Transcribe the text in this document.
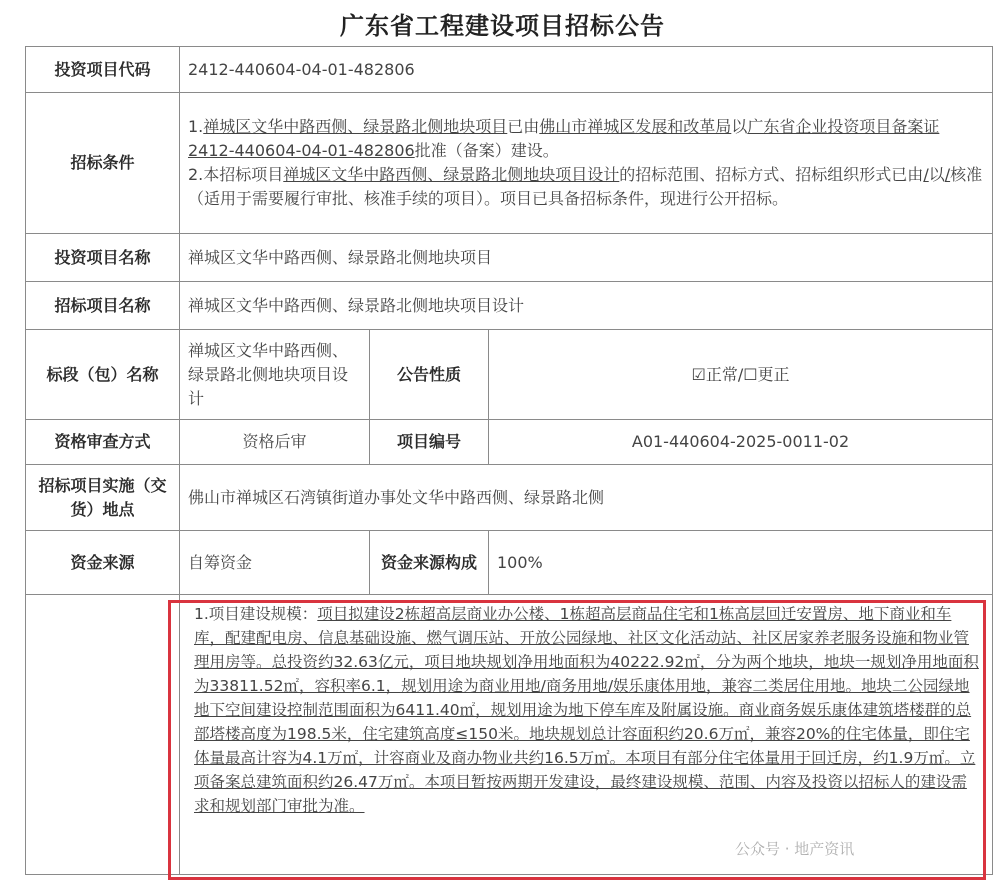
广东省工程建设项目招标公告
投资项目代码	2412-440604-04-01-482806		
招标条件	1.禅城区文华中路西侧、绿景路北侧地块项目已由佛山市禅城区发展和改革局以广东省企业投资项目备案证2412-440604-04-01-482806批准（备案）建设。
2.本招标项目禅城区文华中路西侧、绿景路北侧地块项目设计的招标范围、招标方式、招标组织形式已由/以/核准（适用于需要履行审批、核准手续的项目）。项目已具备招标条件，现进行公开招标。		
投资项目名称	禅城区文华中路西侧、绿景路北侧地块项目		
招标项目名称	禅城区文华中路西侧、绿景路北侧地块项目设计		
标段（包）名称	禅城区文华中路西侧、绿景路北侧地块项目设计	公告性质	☑正常/☐更正
资格审查方式	资格后审	项目编号	A01-440604-2025-0011-02
招标项目实施（交货）地点	佛山市禅城区石湾镇街道办事处文华中路西侧、绿景路北侧		
资金来源	自筹资金	资金来源构成	100%
	1.项目建设规模：项目拟建设2栋超高层商业办公楼、1栋超高层商品住宅和1栋高层回迁安置房、地下商业和车库，配建配电房、信息基础设施、燃气调压站、开放公园绿地、社区文化活动站、社区居家养老服务设施和物业管理用房等。总投资约32.63亿元，项目地块规划净用地面积为40222.92㎡，分为两个地块，地块一规划净用地面积为33811.52㎡，容积率6.1，规划用途为商业用地/商务用地/娱乐康体用地，兼容二类居住用地。地块二公园绿地地下空间建设控制范围面积为6411.40㎡，规划用途为地下停车库及附属设施。商业商务娱乐康体建筑塔楼群的总部塔楼高度为198.5米，住宅建筑高度≤150米。地块规划总计容面积约20.6万㎡，兼容20%的住宅体量，即住宅体量最高计容为4.1万㎡，计容商业及商办物业共约16.5万㎡。本项目有部分住宅体量用于回迁房，约1.9万㎡。立项备案总建筑面积约26.47万㎡。本项目暂按两期开发建设，最终建设规模、范围、内容及投资以招标人的建设需求和规划部门审批为准。		
公众号 · 地产资讯
